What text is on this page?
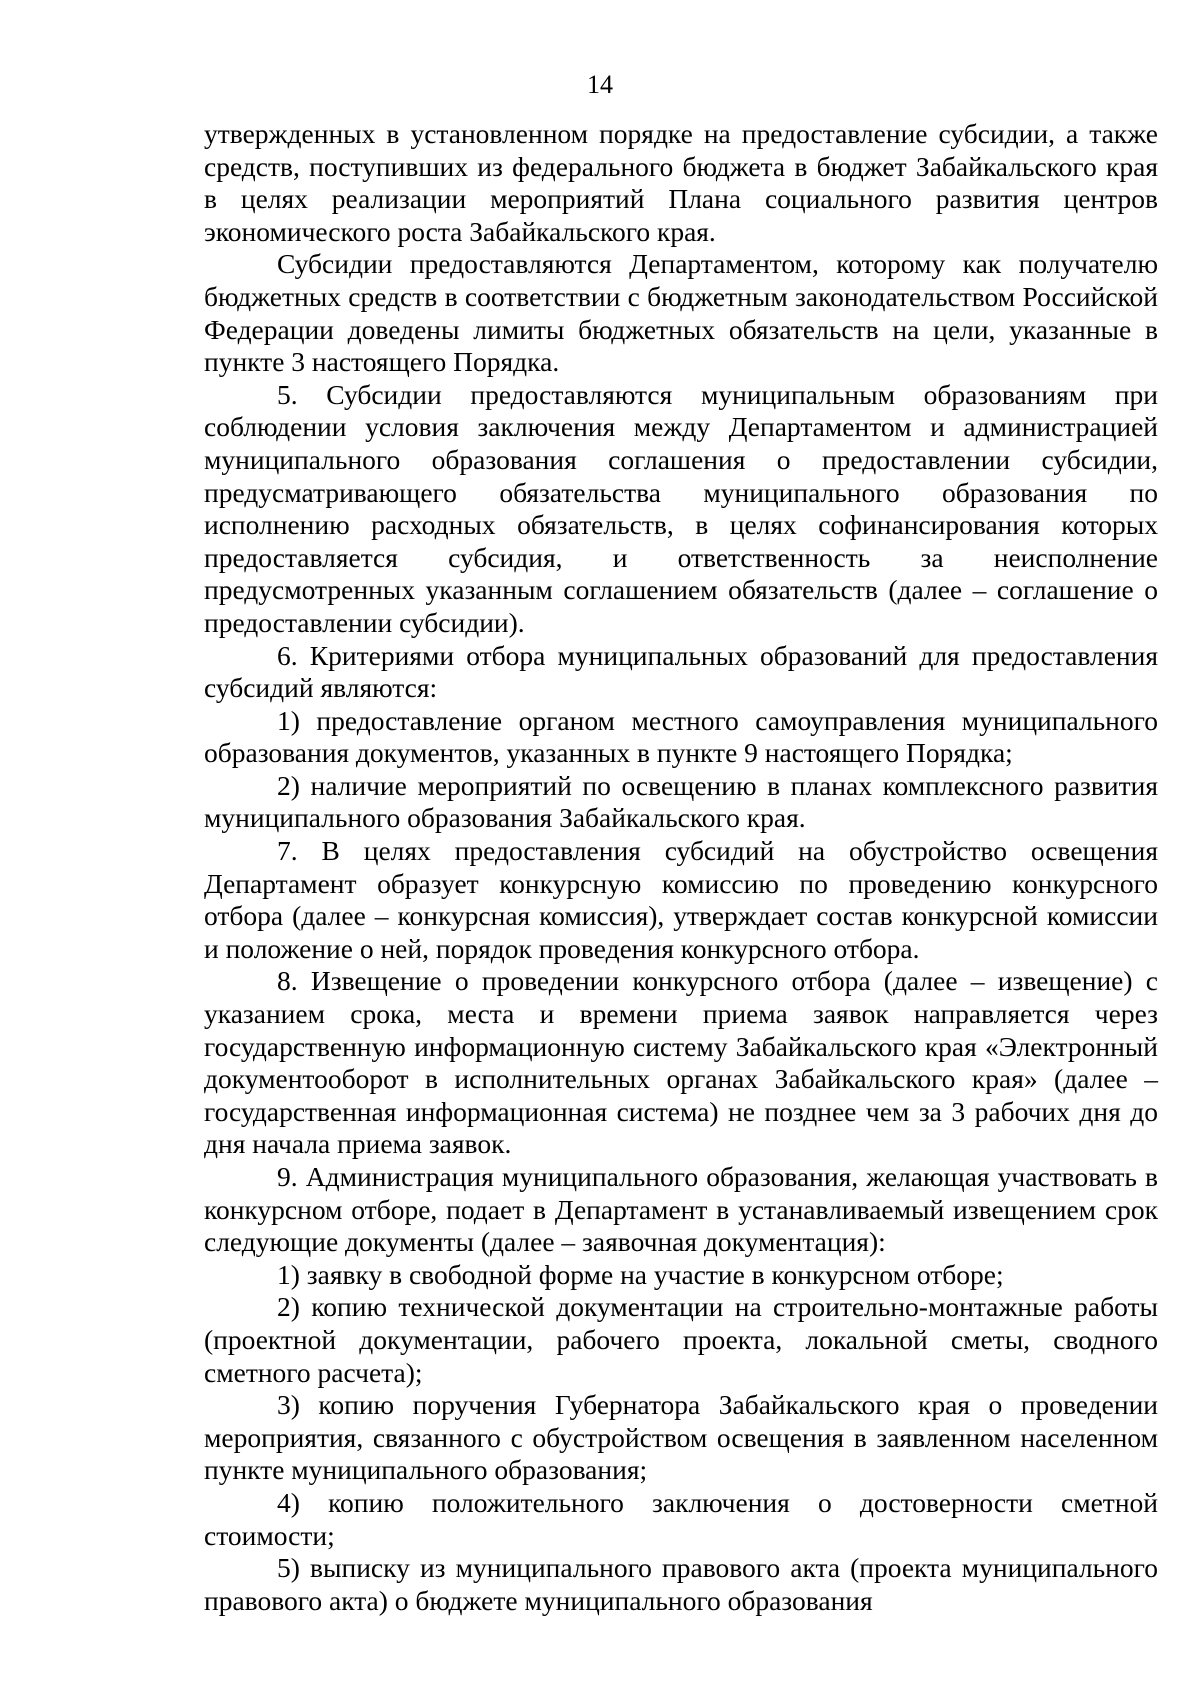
14

утвержденных в установленном порядке на предоставление субсидии, а также средств, поступивших из федерального бюджета в бюджет Забайкальского края в целях реализации мероприятий Плана социального развития центров экономического роста Забайкальского края.

Субсидии предоставляются Департаментом, которому как получателю бюджетных средств в соответствии с бюджетным законодательством Российской Федерации доведены лимиты бюджетных обязательств на цели, указанные в пункте 3 настоящего Порядка.

5. Субсидии предоставляются муниципальным образованиям при соблюдении условия заключения между Департаментом и администрацией муниципального образования соглашения о предоставлении субсидии, предусматривающего обязательства муниципального образования по исполнению расходных обязательств, в целях софинансирования которых предоставляется субсидия, и ответственность за неисполнение предусмотренных указанным соглашением обязательств (далее – соглашение о предоставлении субсидии).

6. Критериями отбора муниципальных образований для предоставления субсидий являются:

1) предоставление органом местного самоуправления муниципального образования документов, указанных в пункте 9 настоящего Порядка;

2) наличие мероприятий по освещению в планах комплексного развития муниципального образования Забайкальского края.

7. В целях предоставления субсидий на обустройство освещения Департамент образует конкурсную комиссию по проведению конкурсного отбора (далее – конкурсная комиссия), утверждает состав конкурсной комиссии и положение о ней, порядок проведения конкурсного отбора.

8. Извещение о проведении конкурсного отбора (далее – извещение) с указанием срока, места и времени приема заявок направляется через государственную информационную систему Забайкальского края «Электронный документооборот в исполнительных органах Забайкальского края» (далее – государственная информационная система) не позднее чем за 3 рабочих дня до дня начала приема заявок.

9. Администрация муниципального образования, желающая участвовать в конкурсном отборе, подает в Департамент в устанавливаемый извещением срок следующие документы (далее – заявочная документация):

1) заявку в свободной форме на участие в конкурсном отборе;

2) копию технической документации на строительно-монтажные работы (проектной документации, рабочего проекта, локальной сметы, сводного сметного расчета);

3) копию поручения Губернатора Забайкальского края о проведении мероприятия, связанного с обустройством освещения в заявленном населенном пункте муниципального образования;

4) копию положительного заключения о достоверности сметной стоимости;

5) выписку из муниципального правового акта (проекта муниципального правового акта) о бюджете муниципального образования
